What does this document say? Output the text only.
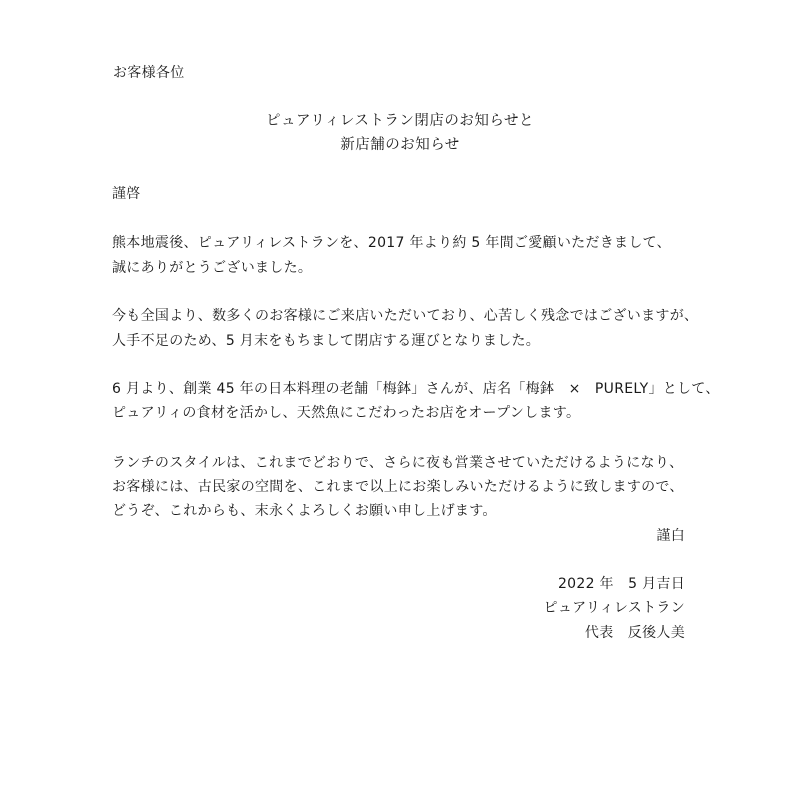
お客様各位
ピュアリィレストラン閉店のお知らせと
新店舗のお知らせ
謹啓
熊本地震後、ピュアリィレストランを、2017 年より約 5 年間ご愛顧いただきまして、
誠にありがとうございました。
今も全国より、数多くのお客様にご来店いただいており、心苦しく残念ではございますが、
人手不足のため、5 月末をもちまして閉店する運びとなりました。
6 月より、創業 45 年の日本料理の老舗「梅鉢」さんが、店名「梅鉢　×　PURELY」として、
ピュアリィの食材を活かし、天然魚にこだわったお店をオープンします。
ランチのスタイルは、これまでどおりで、さらに夜も営業させていただけるようになり、
お客様には、古民家の空間を、これまで以上にお楽しみいただけるように致しますので、
どうぞ、これからも、末永くよろしくお願い申し上げます。
謹白
2022 年　5 月吉日
ピュアリィレストラン
代表　反後人美
